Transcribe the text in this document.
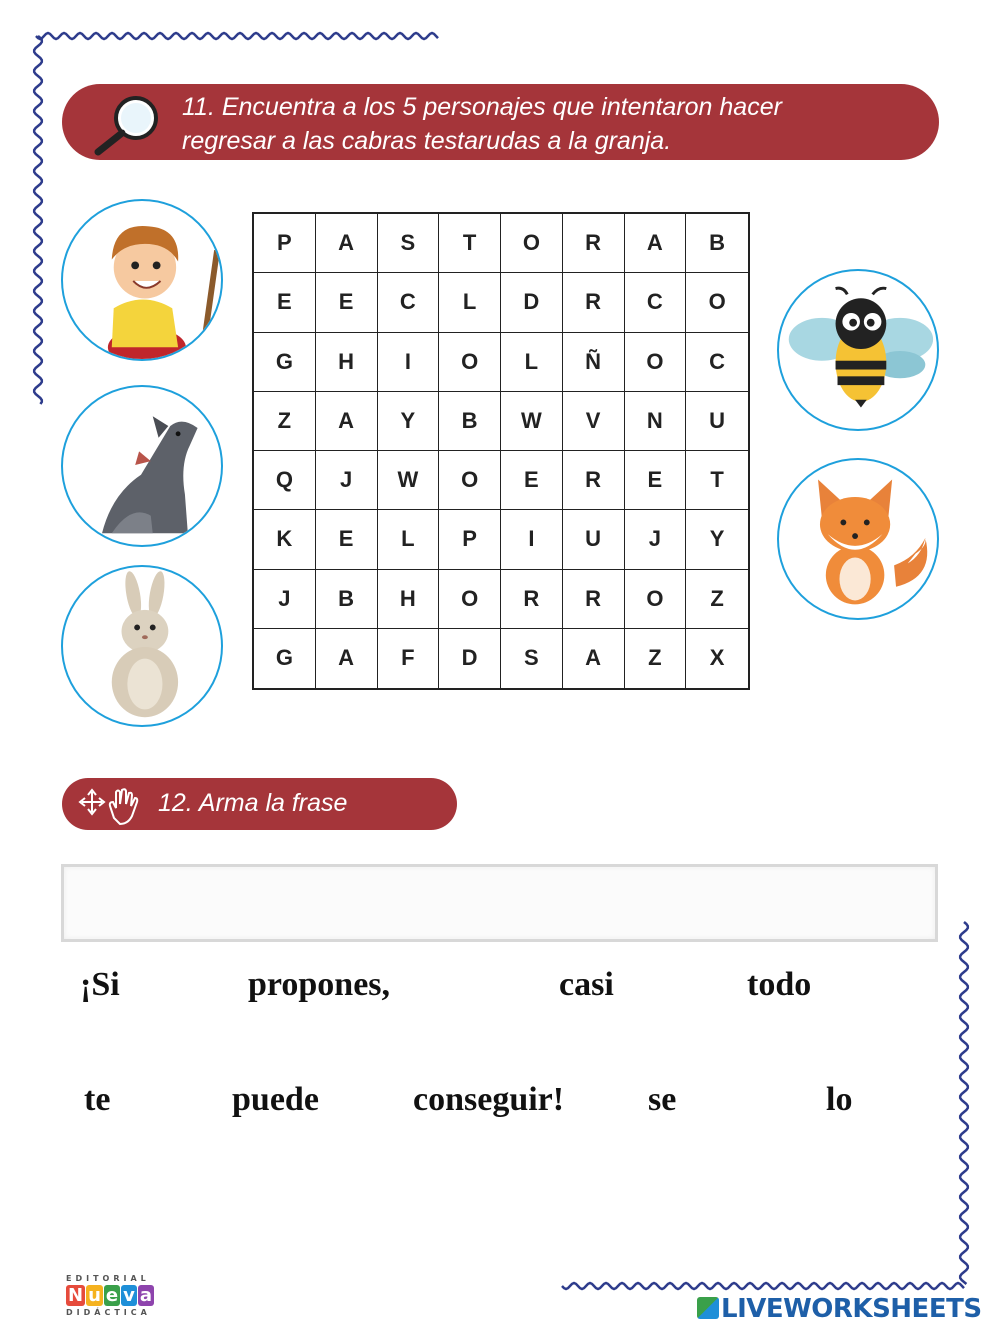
11. Encuentra a los 5 personajes que intentaron hacer
regresar a las cabras testarudas a la granja.
P	A	S	T	O	R	A	B
E	E	C	L	D	R	C	O
G	H	I	O	L	Ñ	O	C
Z	A	Y	B	W	V	N	U
Q	J	W	O	E	R	E	T
K	E	L	P	I	U	J	Y
J	B	H	O	R	R	O	Z
G	A	F	D	S	A	Z	X
12. Arma la frase
¡Si	propones,	casi	todo
te	puede	conseguir! se	lo
EDITORIAL
N u e v a
DIDÁCTICA	LIVEWORKSHEETS
